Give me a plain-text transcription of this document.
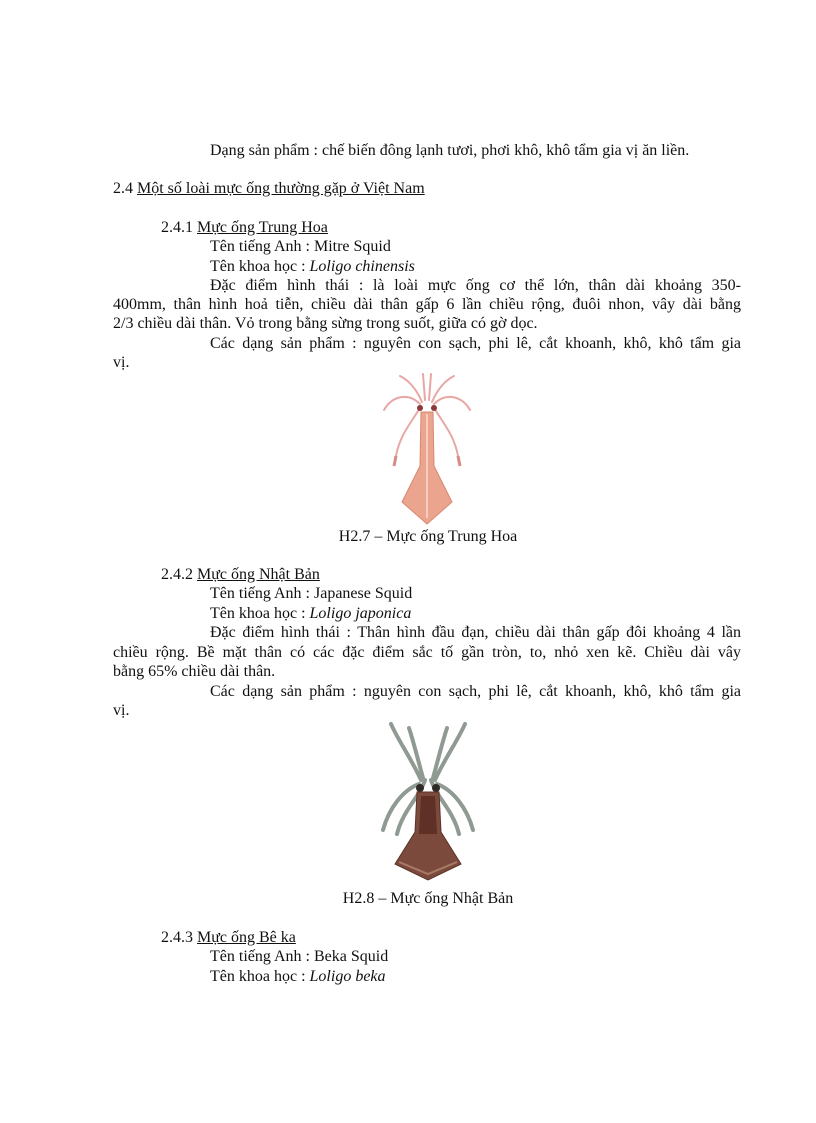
Dạng sản phẩm : chế biến đông lạnh tươi, phơi khô, khô tẩm gia vị ăn liền.
2.4 Một số loài mực ống thường gặp ở Việt Nam
2.4.1 Mực ống Trung Hoa
Tên tiếng Anh : Mitre Squid
Tên khoa học : Loligo chinensis
Đặc điểm hình thái : là loài mực ống cơ thể lớn, thân dài khoảng 350-
400mm, thân hình hoả tiễn, chiều dài thân gấp 6 lần chiều rộng, đuôi nhon, vây dài bằng
2/3 chiều dài thân. Vỏ trong bằng sừng trong suốt, giữa có gờ dọc.
Các dạng sản phẩm : nguyên con sạch, phi lê, cắt khoanh, khô, khô tẩm gia
vị.
H2.7 – Mực ống Trung Hoa
2.4.2 Mực ống Nhật Bản
Tên tiếng Anh : Japanese Squid
Tên khoa học : Loligo japonica
Đặc điểm hình thái : Thân hình đầu đạn, chiều dài thân gấp đôi khoảng 4 lần
chiều rộng. Bề mặt thân có các đặc điểm sắc tố gần tròn, to, nhỏ xen kẽ. Chiều dài vây
bằng 65% chiều dài thân.
Các dạng sản phẩm : nguyên con sạch, phi lê, cắt khoanh, khô, khô tẩm gia
vị.
H2.8 – Mực ống Nhật Bản
2.4.3 Mực ống Bê ka
Tên tiếng Anh : Beka Squid
Tên khoa học : Loligo beka
